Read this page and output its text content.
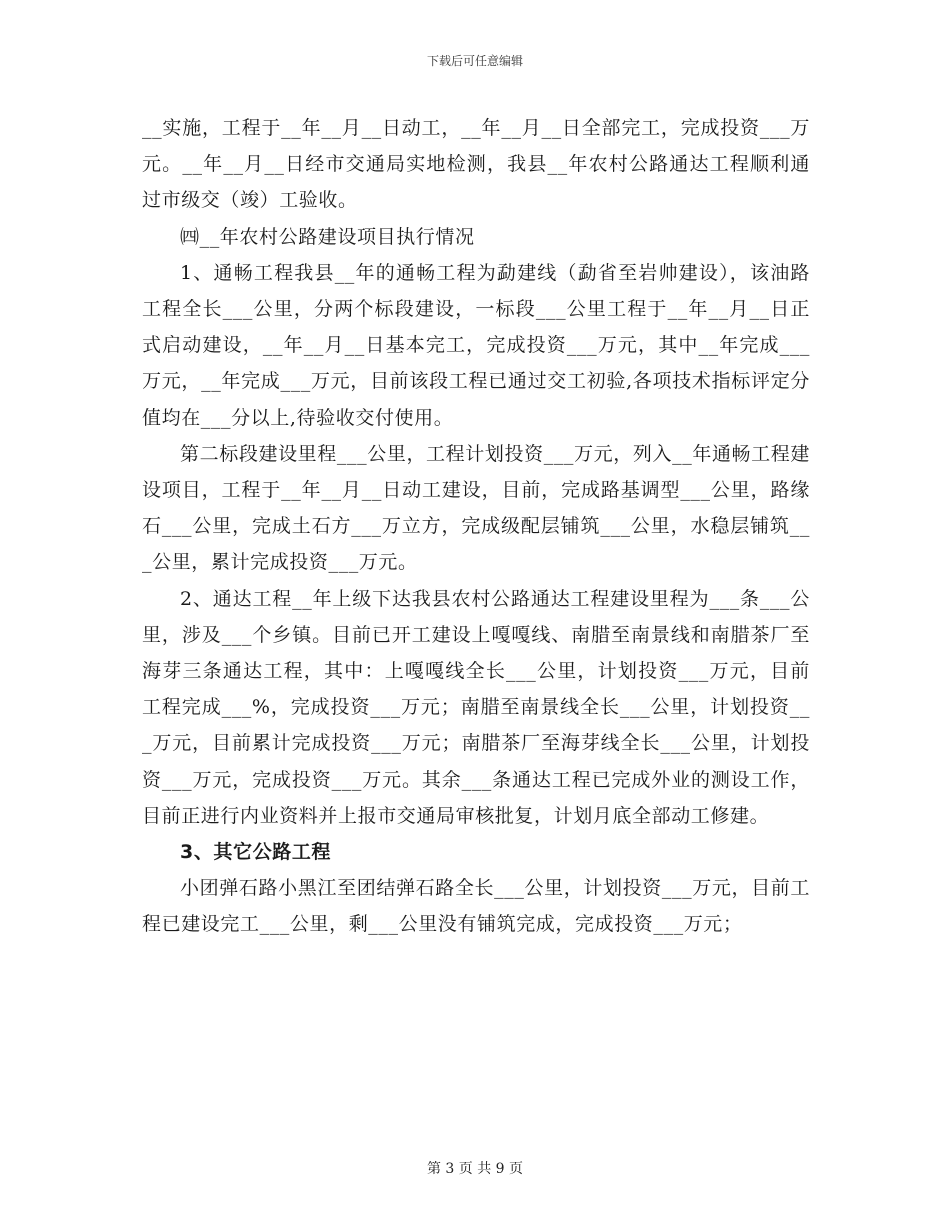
下载后可任意编辑

__实施，工程于__年__月__日动工，__年__月__日全部完工，完成投资___万元。__年__月__日经市交通局实地检测，我县__年农村公路通达工程顺利通过市级交（竣）工验收。

㈣__年农村公路建设项目执行情况

1、通畅工程我县__年的通畅工程为勐建线（勐省至岩帅建设），该油路工程全长___公里，分两个标段建设，一标段___公里工程于__年__月__日正式启动建设，__年__月__日基本完工，完成投资___万元，其中__年完成___万元，__年完成___万元，目前该段工程已通过交工初验,各项技术指标评定分值均在___分以上,待验收交付使用。

第二标段建设里程___公里，工程计划投资___万元，列入__年通畅工程建设项目，工程于__年__月__日动工建设，目前，完成路基调型___公里，路缘石___公里，完成土石方___万立方，完成级配层铺筑___公里，水稳层铺筑___公里，累计完成投资___万元。

2、通达工程__年上级下达我县农村公路通达工程建设里程为___条___公里，涉及___个乡镇。目前已开工建设上嘎嘎线、南腊至南景线和南腊茶厂至海芽三条通达工程，其中：上嘎嘎线全长___公里，计划投资___万元，目前工程完成___%，完成投资___万元；南腊至南景线全长___公里，计划投资___万元，目前累计完成投资___万元；南腊茶厂至海芽线全长___公里，计划投资___万元，完成投资___万元。其余___条通达工程已完成外业的测设工作，目前正进行内业资料并上报市交通局审核批复，计划月底全部动工修建。

3、其它公路工程

小团弹石路小黑江至团结弹石路全长___公里，计划投资___万元，目前工程已建设完工___公里，剩___公里没有铺筑完成，完成投资___万元；

第 3 页 共 9 页
